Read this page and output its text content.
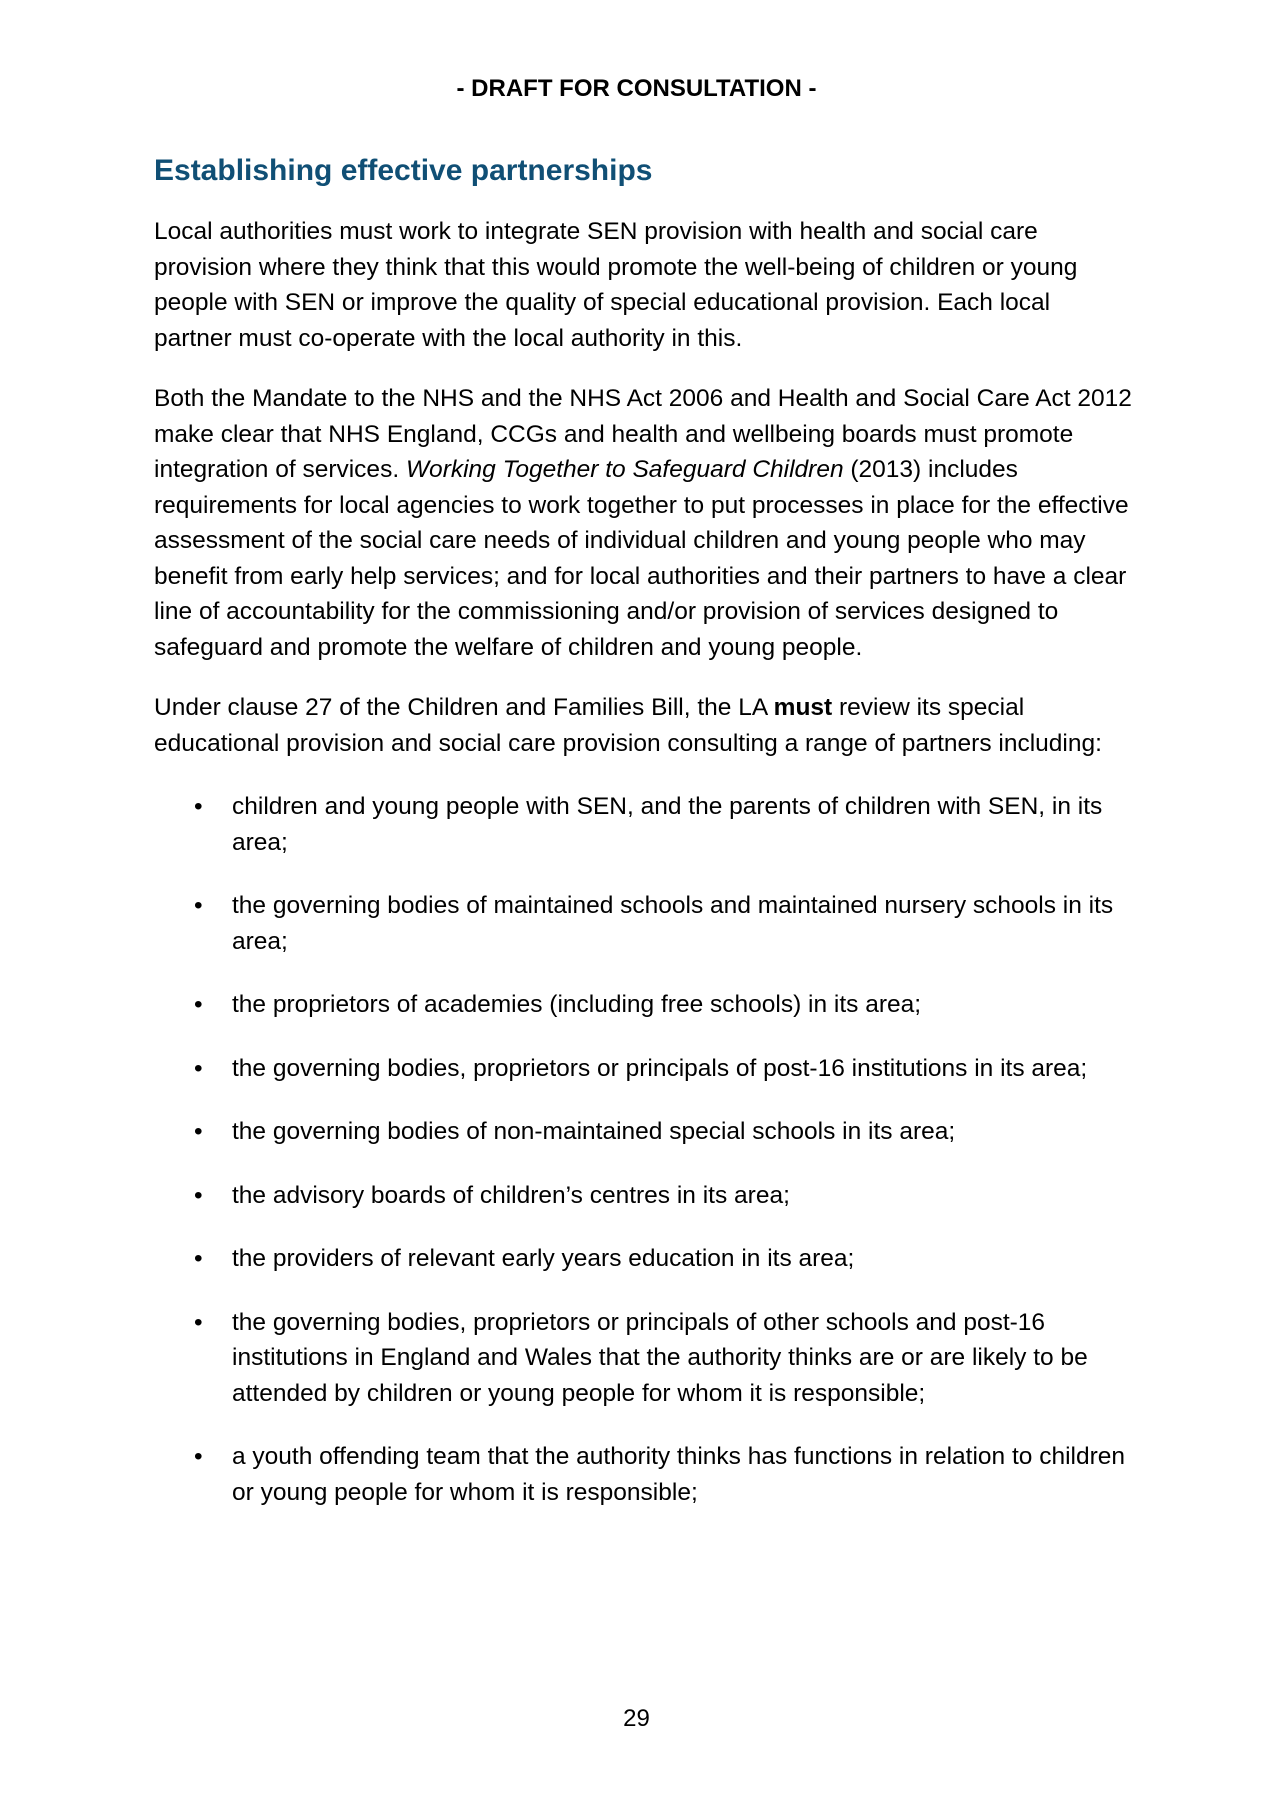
- DRAFT FOR CONSULTATION -
Establishing effective partnerships

Local authorities must work to integrate SEN provision with health and social care provision where they think that this would promote the well-being of children or young people with SEN or improve the quality of special educational provision. Each local partner must co-operate with the local authority in this.

Both the Mandate to the NHS and the NHS Act 2006 and Health and Social Care Act 2012 make clear that NHS England, CCGs and health and wellbeing boards must promote integration of services. Working Together to Safeguard Children (2013) includes requirements for local agencies to work together to put processes in place for the effective assessment of the social care needs of individual children and young people who may benefit from early help services; and for local authorities and their partners to have a clear line of accountability for the commissioning and/or provision of services designed to safeguard and promote the welfare of children and young people.

Under clause 27 of the Children and Families Bill, the LA must review its special educational provision and social care provision consulting a range of partners including:

• children and young people with SEN, and the parents of children with SEN, in its area;
• the governing bodies of maintained schools and maintained nursery schools in its area;
• the proprietors of academies (including free schools) in its area;
• the governing bodies, proprietors or principals of post-16 institutions in its area;
• the governing bodies of non-maintained special schools in its area;
• the advisory boards of children’s centres in its area;
• the providers of relevant early years education in its area;
• the governing bodies, proprietors or principals of other schools and post-16 institutions in England and Wales that the authority thinks are or are likely to be attended by children or young people for whom it is responsible;
• a youth offending team that the authority thinks has functions in relation to children or young people for whom it is responsible;
29
